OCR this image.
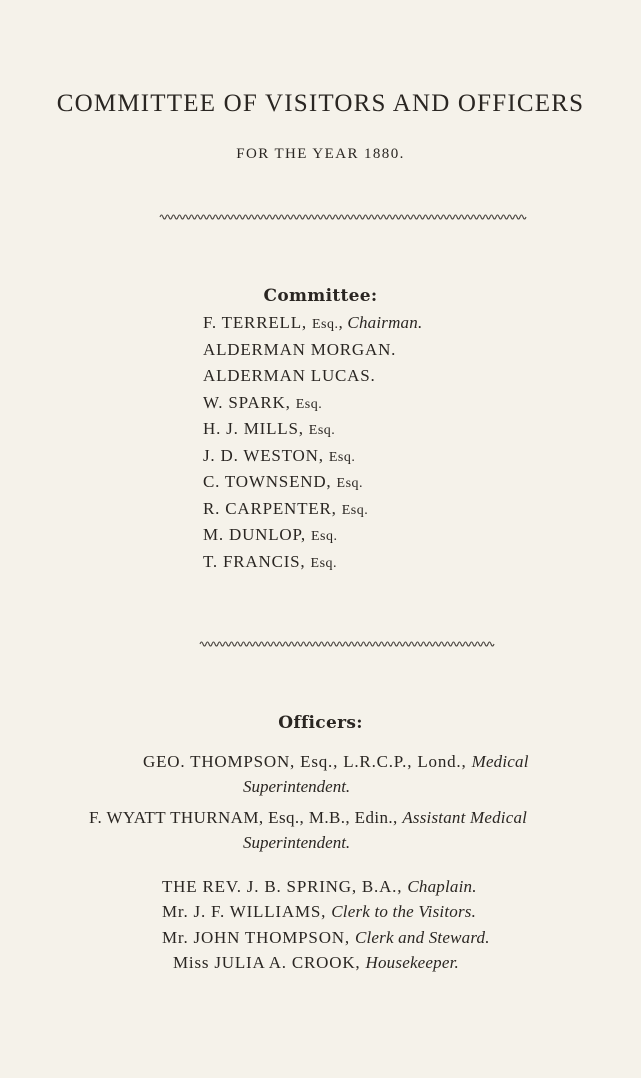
COMMITTEE OF VISITORS AND OFFICERS
FOR THE YEAR 1880.
Committee:
F. TERRELL, Esq., Chairman.
ALDERMAN MORGAN.
ALDERMAN LUCAS.
W. SPARK, Esq.
H. J. MILLS, Esq.
J. D. WESTON, Esq.
C. TOWNSEND, Esq.
R. CARPENTER, Esq.
M. DUNLOP, Esq.
T. FRANCIS, Esq.
Officers:
GEO. THOMPSON, Esq., L.R.C.P., Lond., Medical
Superintendent.
F. WYATT THURNAM, Esq., M.B., Edin., Assistant Medical
Superintendent.
THE REV. J. B. SPRING, B.A., Chaplain.
Mr. J. F. WILLIAMS, Clerk to the Visitors.
Mr. JOHN THOMPSON, Clerk and Steward.
Miss JULIA A. CROOK, Housekeeper.
